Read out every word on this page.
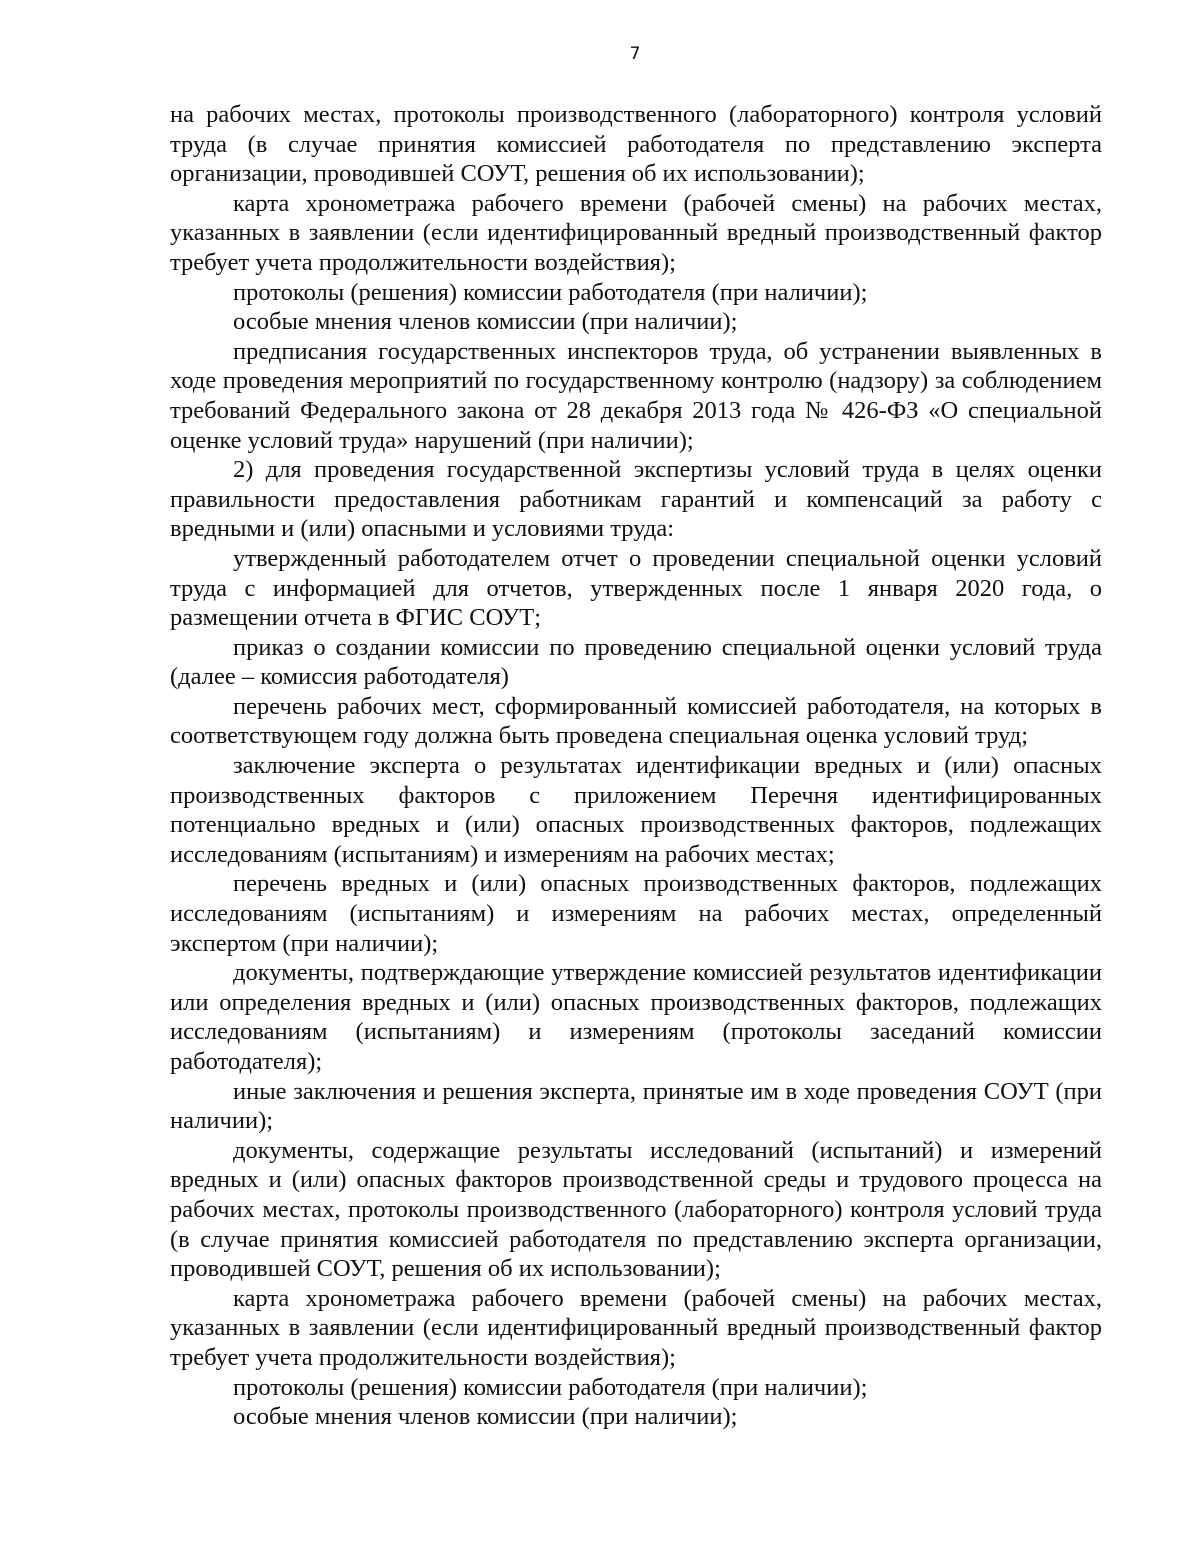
7

на рабочих местах, протоколы производственного (лабораторного) контроля условий труда (в случае принятия комиссией работодателя по представлению эксперта организации, проводившей СОУТ, решения об их использовании);

карта хронометража рабочего времени (рабочей смены) на рабочих местах, указанных в заявлении (если идентифицированный вредный производственный фактор требует учета продолжительности воздействия);

протоколы (решения) комиссии работодателя (при наличии);

особые мнения членов комиссии (при наличии);

предписания государственных инспекторов труда, об устранении выявленных в ходе проведения мероприятий по государственному контролю (надзору) за соблюдением требований Федерального закона от 28 декабря 2013 года № 426-ФЗ «О специальной оценке условий труда» нарушений (при наличии);

2) для проведения государственной экспертизы условий труда в целях оценки правильности предоставления работникам гарантий и компенсаций за работу с вредными и (или) опасными и условиями труда:

утвержденный работодателем отчет о проведении специальной оценки условий труда с информацией для отчетов, утвержденных после 1 января 2020 года, о размещении отчета в ФГИС СОУТ;

приказ о создании комиссии по проведению специальной оценки условий труда (далее – комиссия работодателя)

перечень рабочих мест, сформированный комиссией работодателя, на которых в соответствующем году должна быть проведена специальная оценка условий труд;

заключение эксперта о результатах идентификации вредных и (или) опасных производственных факторов с приложением Перечня идентифицированных потенциально вредных и (или) опасных производственных факторов, подлежащих исследованиям (испытаниям) и измерениям на рабочих местах;

перечень вредных и (или) опасных производственных факторов, подлежащих исследованиям (испытаниям) и измерениям на рабочих местах, определенный экспертом (при наличии);

документы, подтверждающие утверждение комиссией результатов идентификации или определения вредных и (или) опасных производственных факторов, подлежащих исследованиям (испытаниям) и измерениям (протоколы заседаний комиссии работодателя);

иные заключения и решения эксперта, принятые им в ходе проведения СОУТ (при наличии);

документы, содержащие результаты исследований (испытаний) и измерений вредных и (или) опасных факторов производственной среды и трудового процесса на рабочих местах, протоколы производственного (лабораторного) контроля условий труда (в случае принятия комиссией работодателя по представлению эксперта организации, проводившей СОУТ, решения об их использовании);

карта хронометража рабочего времени (рабочей смены) на рабочих местах, указанных в заявлении (если идентифицированный вредный производственный фактор требует учета продолжительности воздействия);

протоколы (решения) комиссии работодателя (при наличии);

особые мнения членов комиссии (при наличии);
